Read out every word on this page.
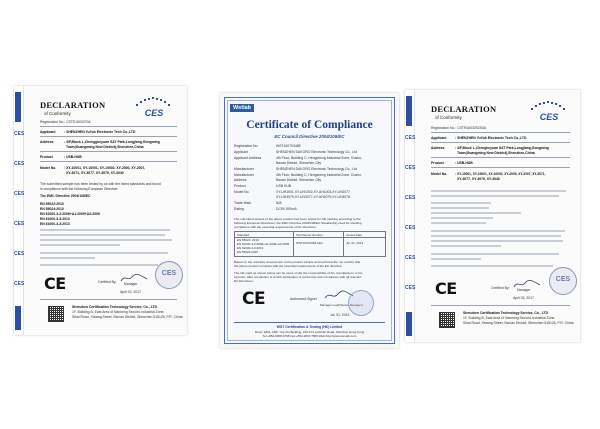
CES
CES
CES
CES
CES
CES
DECLARATION
of Conformity	CES
Registration No.: CSTE1603270A
Applicant	: SHENZHEN YuYuk Electronic Tech Co.,LTD
Address	: 4/F,Block L,Chenggkeyuan SAT Park,Longjiang,Gongming
Town(Guangming New District),Shenzhen,China
Product	: USB-HUB
Model No. : XY-10001, XY-10001, XY-10002, XY-2000, XY-2007,
XY-3071, XY-3077, XY-3079, XY-3040
The submitted sample has been tested by us with the listed standards and found
in compliance with the following European Directive:
The EMC Directive 2004/108/EC
EN 55022:2010
EN 55024:2010
EN 61000-3-2:2006+A1:2009+A2:2009
EN 61000-3-3:2013
EN 61000-3-3:2013
CE	Certified By: Manager
April 02, 2017
CES
Shenzhen Certification Technology Service, Co., LTD
1F, Building B, East Area of Nanming Second Industrial Zone,
Sihai Road, Xixiang Street, Bao'an District, Shenzhen 518126, P.R. China
Wstlab
Certificate of Compliance
EC Council Directive 2004/108/EC
Registration No.	WST16070348E
Applicant	SHENZHEN DAKORO Electronic Technology Co., Ltd
Applicant Address	4th Floor, Building C, Hengsheng Industrial Zone, Gushu,
Baoan District, Shenzhen City
Manufacturer	SHENZHEN DAKORO Electronic Technology Co., Ltd
Manufacturer	4th Floor, Building C, Hengsheng Industrial Zone, Gushu,
Address	Baoan District, Shenzhen City
Product	USB HUB
Model No.	XY-UH1001,XY-UH1002,XY-UH1003,XY-UH2077,
XY-UH3079,XY-UH3077,XY-UH3079,XY-UH3076
Trade Mark	N/A
Rating	DC5V 500mA
The submitted sample of the above product has been tested for CE marking according to the
following European Directives: the EMC Directive 2004/108/EC Standard(s) used for showing
compliance with the essential requirements of the directives:
Standard	Test Report Number	Issued Date
EN 55022: 2010
WST16070348-1EA	Jul. 01, 2013
EN 61000-3-2:2006+A1:2009+A2:2009
EN 61000-3-3:2013
EN 55024:2010
Based on the voluntary assessment of the product sample and technical file, we confirm that
the above product complies with the essential requirements of the EC directive.
The CE mark as shown below can be used, under the responsibility of the manufacturer or his
importer, after completion of an EC declaration of conformity and compliance with all relevant
EC Directives.
CE	Authorized Signer
Manager Legh(Senior Manager)
Jul. 01, 2013
WST Certification & Testing (HK) Limited
Room 1804, 18/F, Yue Xiu Building, 160-174 Lockhart Road, Wanchai, Hong Kong
Tel:+852-6958 4768 Fax:+852-2833 7869 Web:http://www.wst-lab.com
CES
CES
CES
CES
CES
CES
DECLARATION
of Conformity	CES
Registration No.: CSTR1603252S0A
Applicant	: SHENZHEN YuYuk Electronic Tech Co.,LTD
Address	: 4/F,Block L,Chengkeyuan SAT Park,Longjiang,Gongming
Town(Guangming New District),Shenzhen,China
Product	: USB-HUB
Model No. : XY-10001, XY-10001, XY-10002, XY-2000, XY-2007, XY-3071,
XY-3077, XY-3079, XY-3040
CE	Certified By: Manager
April 02, 2017
CES
Shenzhen Certification Technology Service, Co., LTD
1F, Building B, East Area of Nanming Second Industrial Zone,
Sihai Road, Xixiang Street, Bao'an District, Shenzhen 518126, P.R. China
